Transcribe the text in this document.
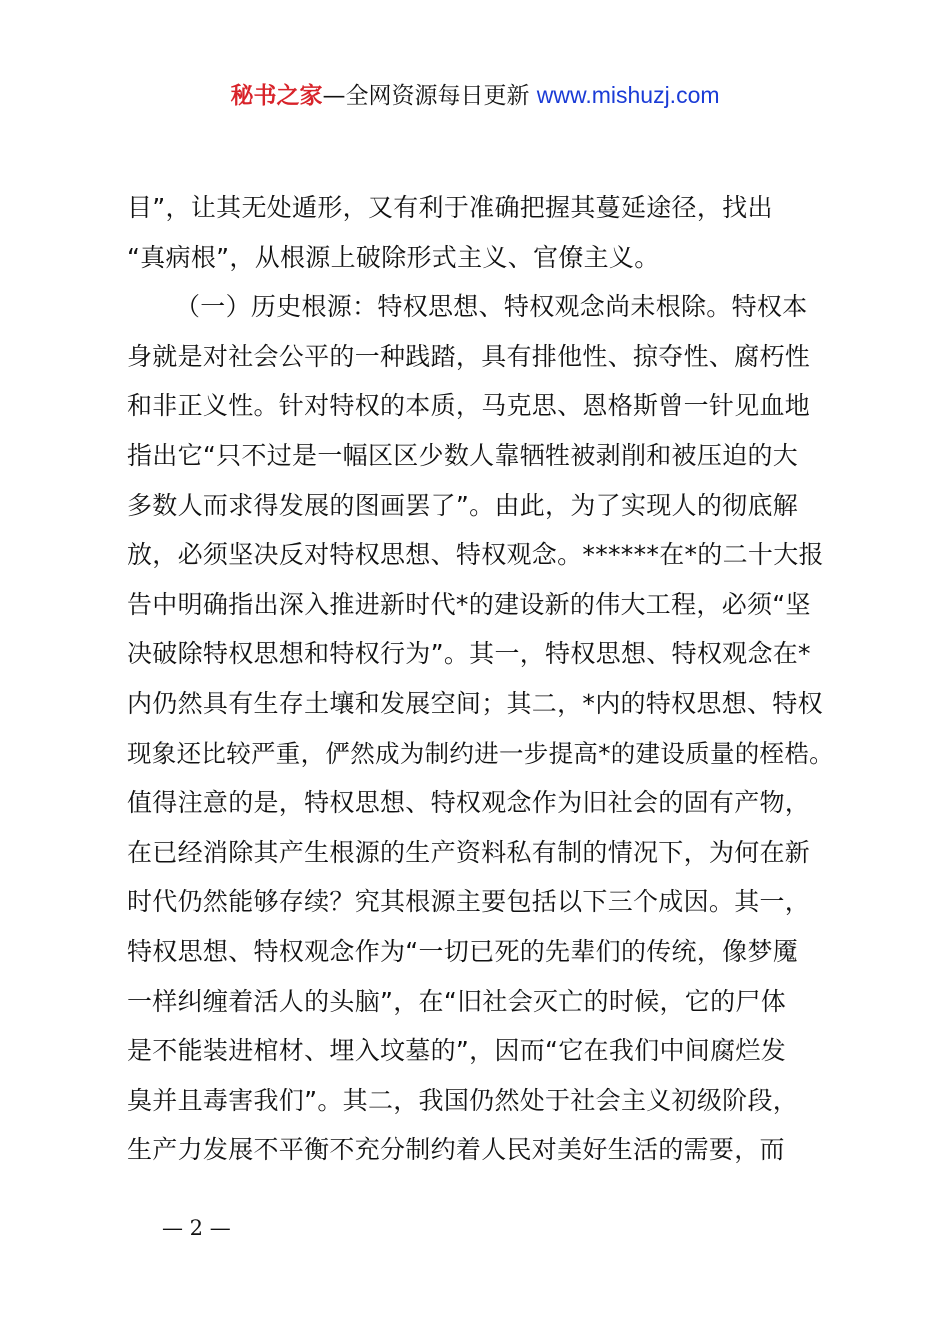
秘书之家—全网资源每日更新 www.mishuzj.com
目”，让其无处遁形，又有利于准确把握其蔓延途径，找出
“真病根”，从根源上破除形式主义、官僚主义。
（一）历史根源：特权思想、特权观念尚未根除。特权本
身就是对社会公平的一种践踏，具有排他性、掠夺性、腐朽性
和非正义性。针对特权的本质，马克思、恩格斯曾一针见血地
指出它“只不过是一幅区区少数人靠牺牲被剥削和被压迫的大
多数人而求得发展的图画罢了”。由此，为了实现人的彻底解
放，必须坚决反对特权思想、特权观念。******在*的二十大报
告中明确指出深入推进新时代*的建设新的伟大工程，必须“坚
决破除特权思想和特权行为”。其一，特权思想、特权观念在*
内仍然具有生存土壤和发展空间；其二，*内的特权思想、特权
现象还比较严重，俨然成为制约进一步提高*的建设质量的桎梏。
值得注意的是，特权思想、特权观念作为旧社会的固有产物，
在已经消除其产生根源的生产资料私有制的情况下，为何在新
时代仍然能够存续？究其根源主要包括以下三个成因。其一，
特权思想、特权观念作为“一切已死的先辈们的传统，像梦魇
一样纠缠着活人的头脑”，在“旧社会灭亡的时候，它的尸体
是不能装进棺材、埋入坟墓的”，因而“它在我们中间腐烂发
臭并且毒害我们”。其二，我国仍然处于社会主义初级阶段，
生产力发展不平衡不充分制约着人民对美好生活的需要，而
— 2 —
